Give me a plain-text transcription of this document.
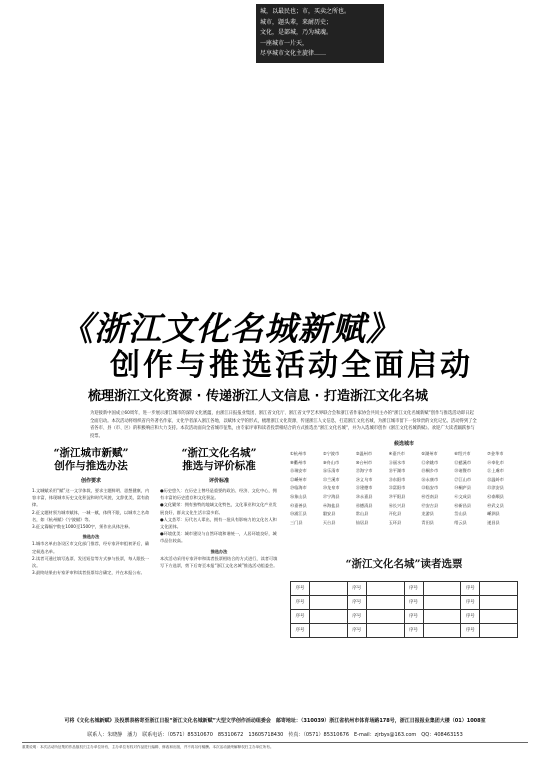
城，以最民也；市，买卖之所也。
城市，题头辈，来耐历史；
文化，是部城，乃为城魂。
一座城市一片天，
尽享城市文化主旋律……
《浙江文化名城新赋》
创作与推选活动全面启动
梳理浙江文化资源 · 传递浙江人文信息 · 打造浙江文化名城
为迎接新中国成立60周年，进一步展示浙江城市的深厚文化底蕴，由浙江日报报业集团、浙江省文化厅、浙江省文学艺术界联合会和浙江省作家协会共同主办的“浙江文化名城新赋”创作与推选活动即日起全面启动。本次活动将组织省内外著名作家、文化学者深入浙江各地，以赋体文学的形式，梳理浙江文化资源，传递浙江人文信息，打造浙江文化名城，为浙江城市留下一份珍贵的文化记忆。活动得到了全省各市、县（市、区）的积极响应和大力支持。本次活动面向全省城市征集，由专家评审和读者投票相结合的方式推选出“浙江文化名城”，并为入选城市创作《浙江文化名城新赋》。欢迎广大读者踊跃参与投票。
“浙江城市新赋”
创作与推选办法
创作要求

1.文城赋采用“赋”这一文学体裁，要求主题鲜明、思想健康，内容丰富，体现城市历史文化积淀和时代风貌，文辞优美，富有韵律。

2.征文题材须为城市赋体，一城一赋，体例不限，以城市之名命名，如《杭州赋》《宁波赋》等。

3.征文篇幅字数在1000至1500字，须作出具体注释。

推选办法

1.城市名单由各设区市文化部门推荐，经专家评审组初评后，确定候选名单。

2.读者可通过填写选票、发送短信等方式参与投票，每人限投一次。

3.最终结果由专家评审和读者投票综合确定，并在本报公布。

“浙江文化名城”
推选与评价标准
评价标准

●历史悠久：在历史上曾经是重要的政治、经济、文化中心，拥有丰富的历史遗存和文化积淀。

●文化繁荣：拥有独特的地域文化特色，文化事业和文化产业发展良好，群众文化生活丰富多彩。

●人文荟萃：历代名人辈出，拥有一批具有影响力的文化名人和文化团体。

●环境优美：城市建设与自然环境和谐统一，人居环境良好，城市品位较高。

推选办法

本次活动采用专家评审和读者投票相结合的方式进行，读者可填写下方选票，剪下后寄至本报“浙江文化名城”推选活动组委会。

候选城市
①杭州市	②宁波市	③温州市	④嘉兴市	⑤湖州市	⑥绍兴市	⑦金华市
⑧衢州市	⑨舟山市	⑩台州市	⑪丽水市	⑫余姚市	⑬慈溪市	⑭奉化市
⑮瑞安市	⑯乐清市	⑰海宁市	⑱平湖市	⑲桐乡市	⑳诸暨市	㉑上虞市
㉒嵊州市	㉓兰溪市	㉔义乌市	㉕东阳市	㉖永康市	㉗江山市	㉘温岭市
㉙临海市	㉚龙泉市	㉛建德市	㉜富阳市	㉝临安市	㉞桐庐县	㉟淳安县
㊱象山县	㊲宁海县	㊳永嘉县	㊴平阳县	㊵苍南县	㊶文成县	㊷泰顺县
㊸嘉善县	㊹海盐县	㊺德清县	㊻长兴县	㊼安吉县	㊽新昌县	㊾武义县
㊿浦江县	磐安县	常山县	开化县	龙游县	岱山县	嵊泗县
三门县	天台县	仙居县	玉环县	青田县	缙云县	遂昌县
“浙江文化名城”读者选票
序号		序号		序号		序号	
序号		序号		序号		序号	
序号		序号		序号		序号	
序号		序号		序号		序号	
可将《文化名城新赋》及投票表格寄至浙江日报“浙江文化名城新赋”大型文学创作活动组委会　邮寄地址：（310039）浙江省杭州市体育场路178号，浙江日报报业集团大楼（01）1008室
联系人：朱晓静　潘力　联系电话：（0571）85310670　85310672　13605718430　传真：（0571）85310676　E-mail：zjrbys@163.com　QQ：408463153
重要说明：本次活动所征集的作品版权归主办单位所有，主办单位有权对作品进行编辑、修改和出版，并不再另付稿酬。本次活动最终解释权归主办单位所有。
